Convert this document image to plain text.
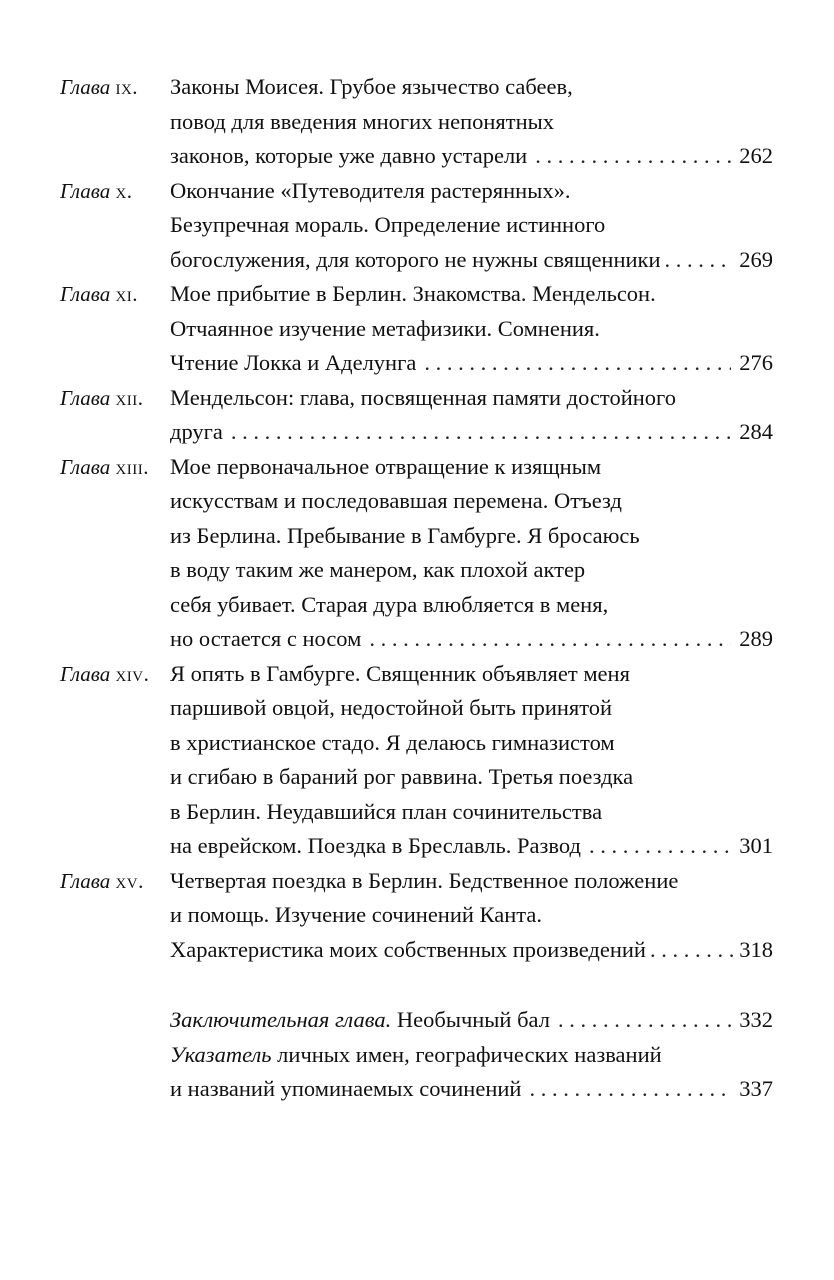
Глава ix. Законы Моисея. Грубое язычество сабеев,
повод для введения многих непонятных
законов, которые уже давно устарели . . .	262
Глава x. Окончание «Путеводителя растерянных».
Безупречная мораль. Определение истинного
богослужения, для которого не нужны священники . . .	269
Глава xi. Мое прибытие в Берлин. Знакомства. Мендельсон.
Отчаянное изучение метафизики. Сомнения.
Чтение Локка и Аделунга . . .	276
Глава xii. Мендельсон: глава, посвященная памяти достойного
друга . . .	284
Глава xiii. Мое первоначальное отвращение к изящным
искусствам и последовавшая перемена. Отъезд
из Берлина. Пребывание в Гамбурге. Я бросаюсь
в воду таким же манером, как плохой актер
себя убивает. Старая дура влюбляется в меня,
но остается с носом . . .	289
Глава xiv. Я опять в Гамбурге. Священник объявляет меня
паршивой овцой, недостойной быть принятой
в христианское стадо. Я делаюсь гимназистом
и сгибаю в бараний рог раввина. Третья поездка
в Берлин. Неудавшийся план сочинительства
на еврейском. Поездка в Бреславль. Развод . . .	301
Глава xv. Четвертая поездка в Берлин. Бедственное положение
и помощь. Изучение сочинений Канта.
Характеристика моих собственных произведений . . .	318
Заключительная глава. Необычный бал . . .	332
Указатель личных имен, географических названий
и названий упоминаемых сочинений . . .	337
